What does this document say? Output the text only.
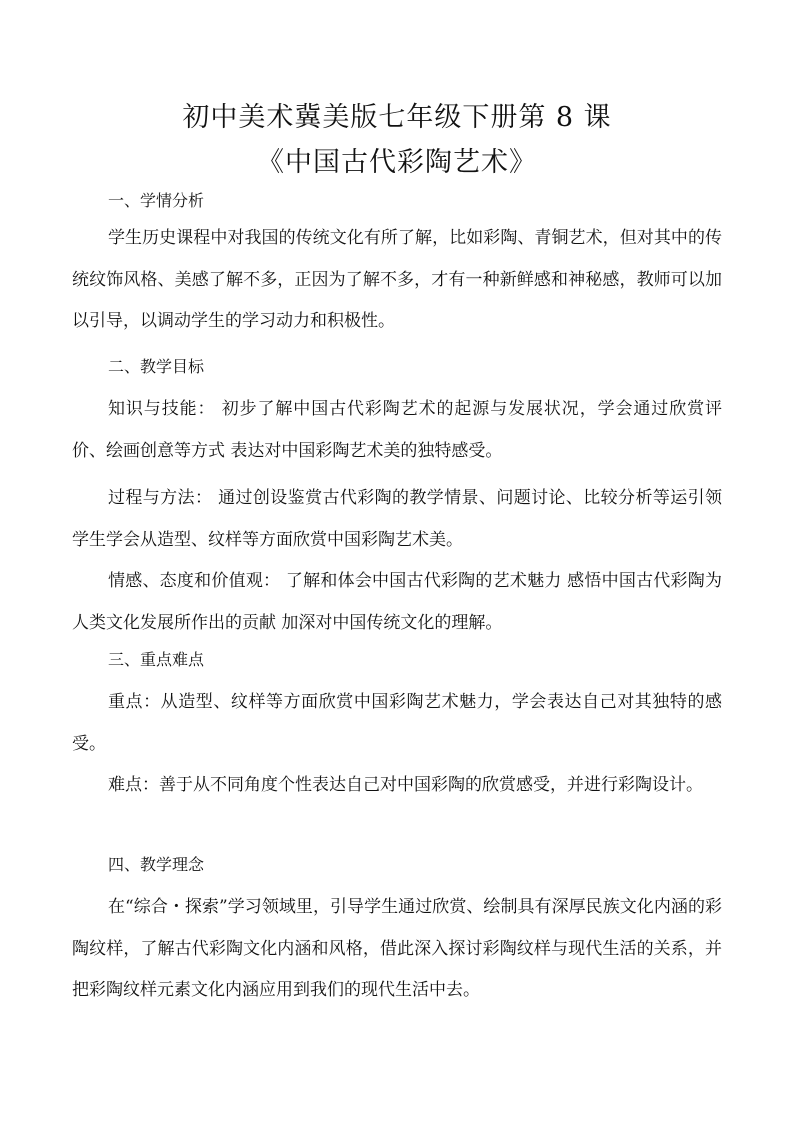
初中美术冀美版七年级下册第 8 课
《中国古代彩陶艺术》
一、学情分析

学生历史课程中对我国的传统文化有所了解，比如彩陶、青铜艺术，但对其中的传统纹饰风格、美感了解不多，正因为了解不多，才有一种新鲜感和神秘感，教师可以加以引导，以调动学生的学习动力和积极性。

二、教学目标

知识与技能： 初步了解中国古代彩陶艺术的起源与发展状况，学会通过欣赏评价、绘画创意等方式 表达对中国彩陶艺术美的独特感受。

过程与方法： 通过创设鉴赏古代彩陶的教学情景、问题讨论、比较分析等运引领学生学会从造型、纹样等方面欣赏中国彩陶艺术美。

情感、态度和价值观： 了解和体会中国古代彩陶的艺术魅力 感悟中国古代彩陶为人类文化发展所作出的贡献 加深对中国传统文化的理解。

三、重点难点

重点：从造型、纹样等方面欣赏中国彩陶艺术魅力，学会表达自己对其独特的感受。

难点：善于从不同角度个性表达自己对中国彩陶的欣赏感受，并进行彩陶设计。

四、教学理念

在“综合・探索”学习领域里，引导学生通过欣赏、绘制具有深厚民族文化内涵的彩陶纹样，了解古代彩陶文化内涵和风格，借此深入探讨彩陶纹样与现代生活的关系，并把彩陶纹样元素文化内涵应用到我们的现代生活中去。
